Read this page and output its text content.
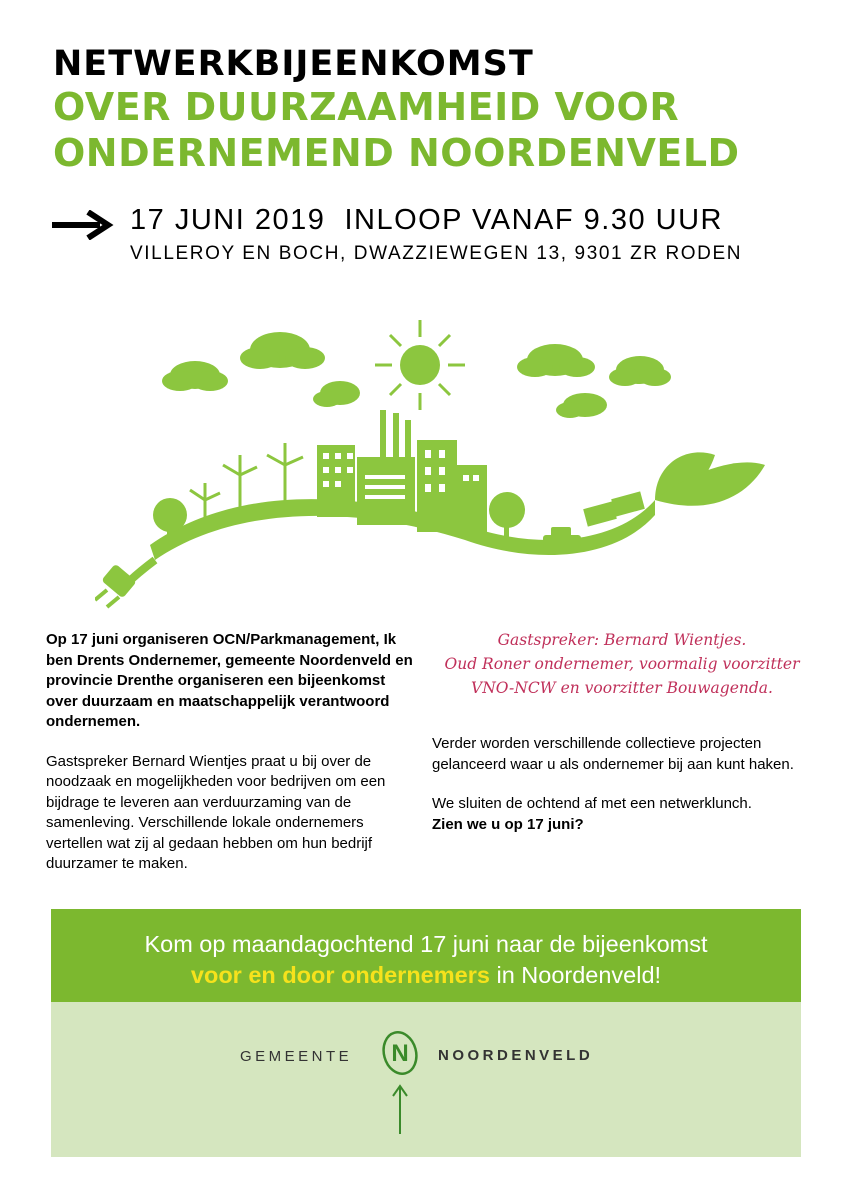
NETWERKBIJEENKOMST
OVER DUURZAAMHEID VOOR
ONDERNEMEND NOORDENVELD
17 JUNI 2019  INLOOP VANAF 9.30 UUR
VILLEROY EN BOCH, DWAZZIEWEGEN 13, 9301 ZR RODEN

Op 17 juni organiseren OCN/Parkmanagement, Ik ben Drents Ondernemer, gemeente Noordenveld en provincie Drenthe organiseren een bijeenkomst over duurzaam en maatschappelijk verantwoord ondernemen.

Gastspreker Bernard Wientjes praat u bij over de noodzaak en mogelijkheden voor bedrijven om een bijdrage te leveren aan verduurzaming van de samenleving. Verschillende lokale ondernemers vertellen wat zij al gedaan hebben om hun bedrijf duurzamer te maken.

Gastspreker: Bernard Wientjes.
Oud Roner ondernemer, voormalig voorzitter
VNO-NCW en voorzitter Bouwagenda.

Verder worden verschillende collectieve projecten gelanceerd waar u als ondernemer bij aan kunt haken.

We sluiten de ochtend af met een netwerklunch.
Zien we u op 17 juni?

Kom op maandagochtend 17 juni naar de bijeenkomst
voor en door ondernemers in Noordenveld!
GEMEENTE N NOORDENVELD
